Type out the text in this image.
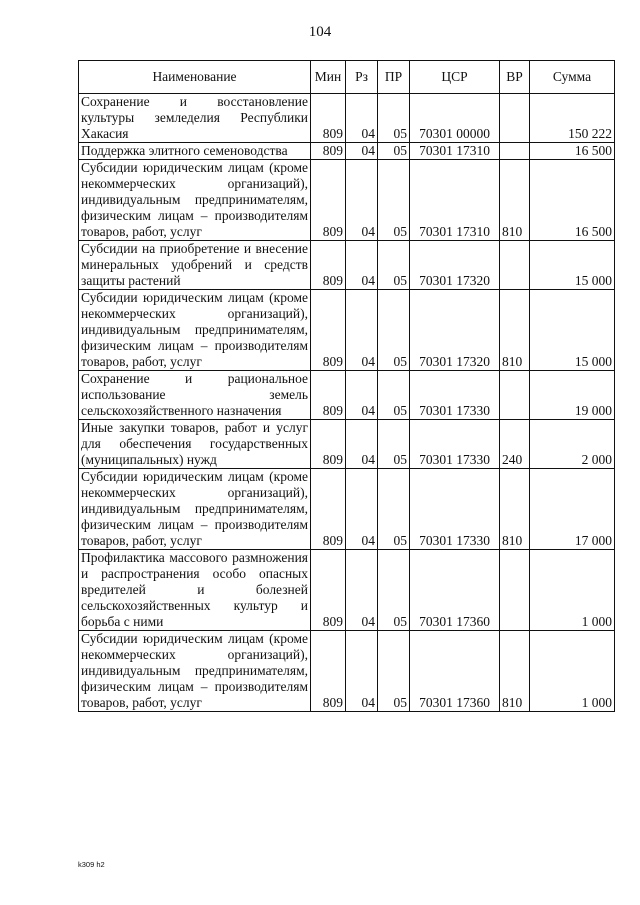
104
Наименование	Мин	Рз	ПР	ЦСР	ВР	Сумма
Сохранение и восстановление культуры земледелия Республики Хакасия	809	04	05	70301 00000		150 222
Поддержка элитного семеноводства	809	04	05	70301 17310		16 500
Субсидии юридическим лицам (кроме некоммерческих организаций), индивидуальным предпринимателям, физическим лицам – производителям товаров, работ, услуг	809	04	05	70301 17310	810	16 500
Субсидии на приобретение и внесение минеральных удобрений и средств защиты растений	809	04	05	70301 17320		15 000
Субсидии юридическим лицам (кроме некоммерческих организаций), индивидуальным предпринимателям, физическим лицам – производителям товаров, работ, услуг	809	04	05	70301 17320	810	15 000
Сохранение и рациональное использование земель сельскохозяйственного назначения	809	04	05	70301 17330		19 000
Иные закупки товаров, работ и услуг для обеспечения государственных (муниципальных) нужд	809	04	05	70301 17330	240	2 000
Субсидии юридическим лицам (кроме некоммерческих организаций), индивидуальным предпринимателям, физическим лицам – производителям товаров, работ, услуг	809	04	05	70301 17330	810	17 000
Профилактика массового размножения и распространения особо опасных вредителей и болезней сельскохозяйственных культур и борьба с ними	809	04	05	70301 17360		1 000
Субсидии юридическим лицам (кроме некоммерческих организаций), индивидуальным предпринимателям, физическим лицам – производителям товаров, работ, услуг	809	04	05	70301 17360	810	1 000
k309 h2
